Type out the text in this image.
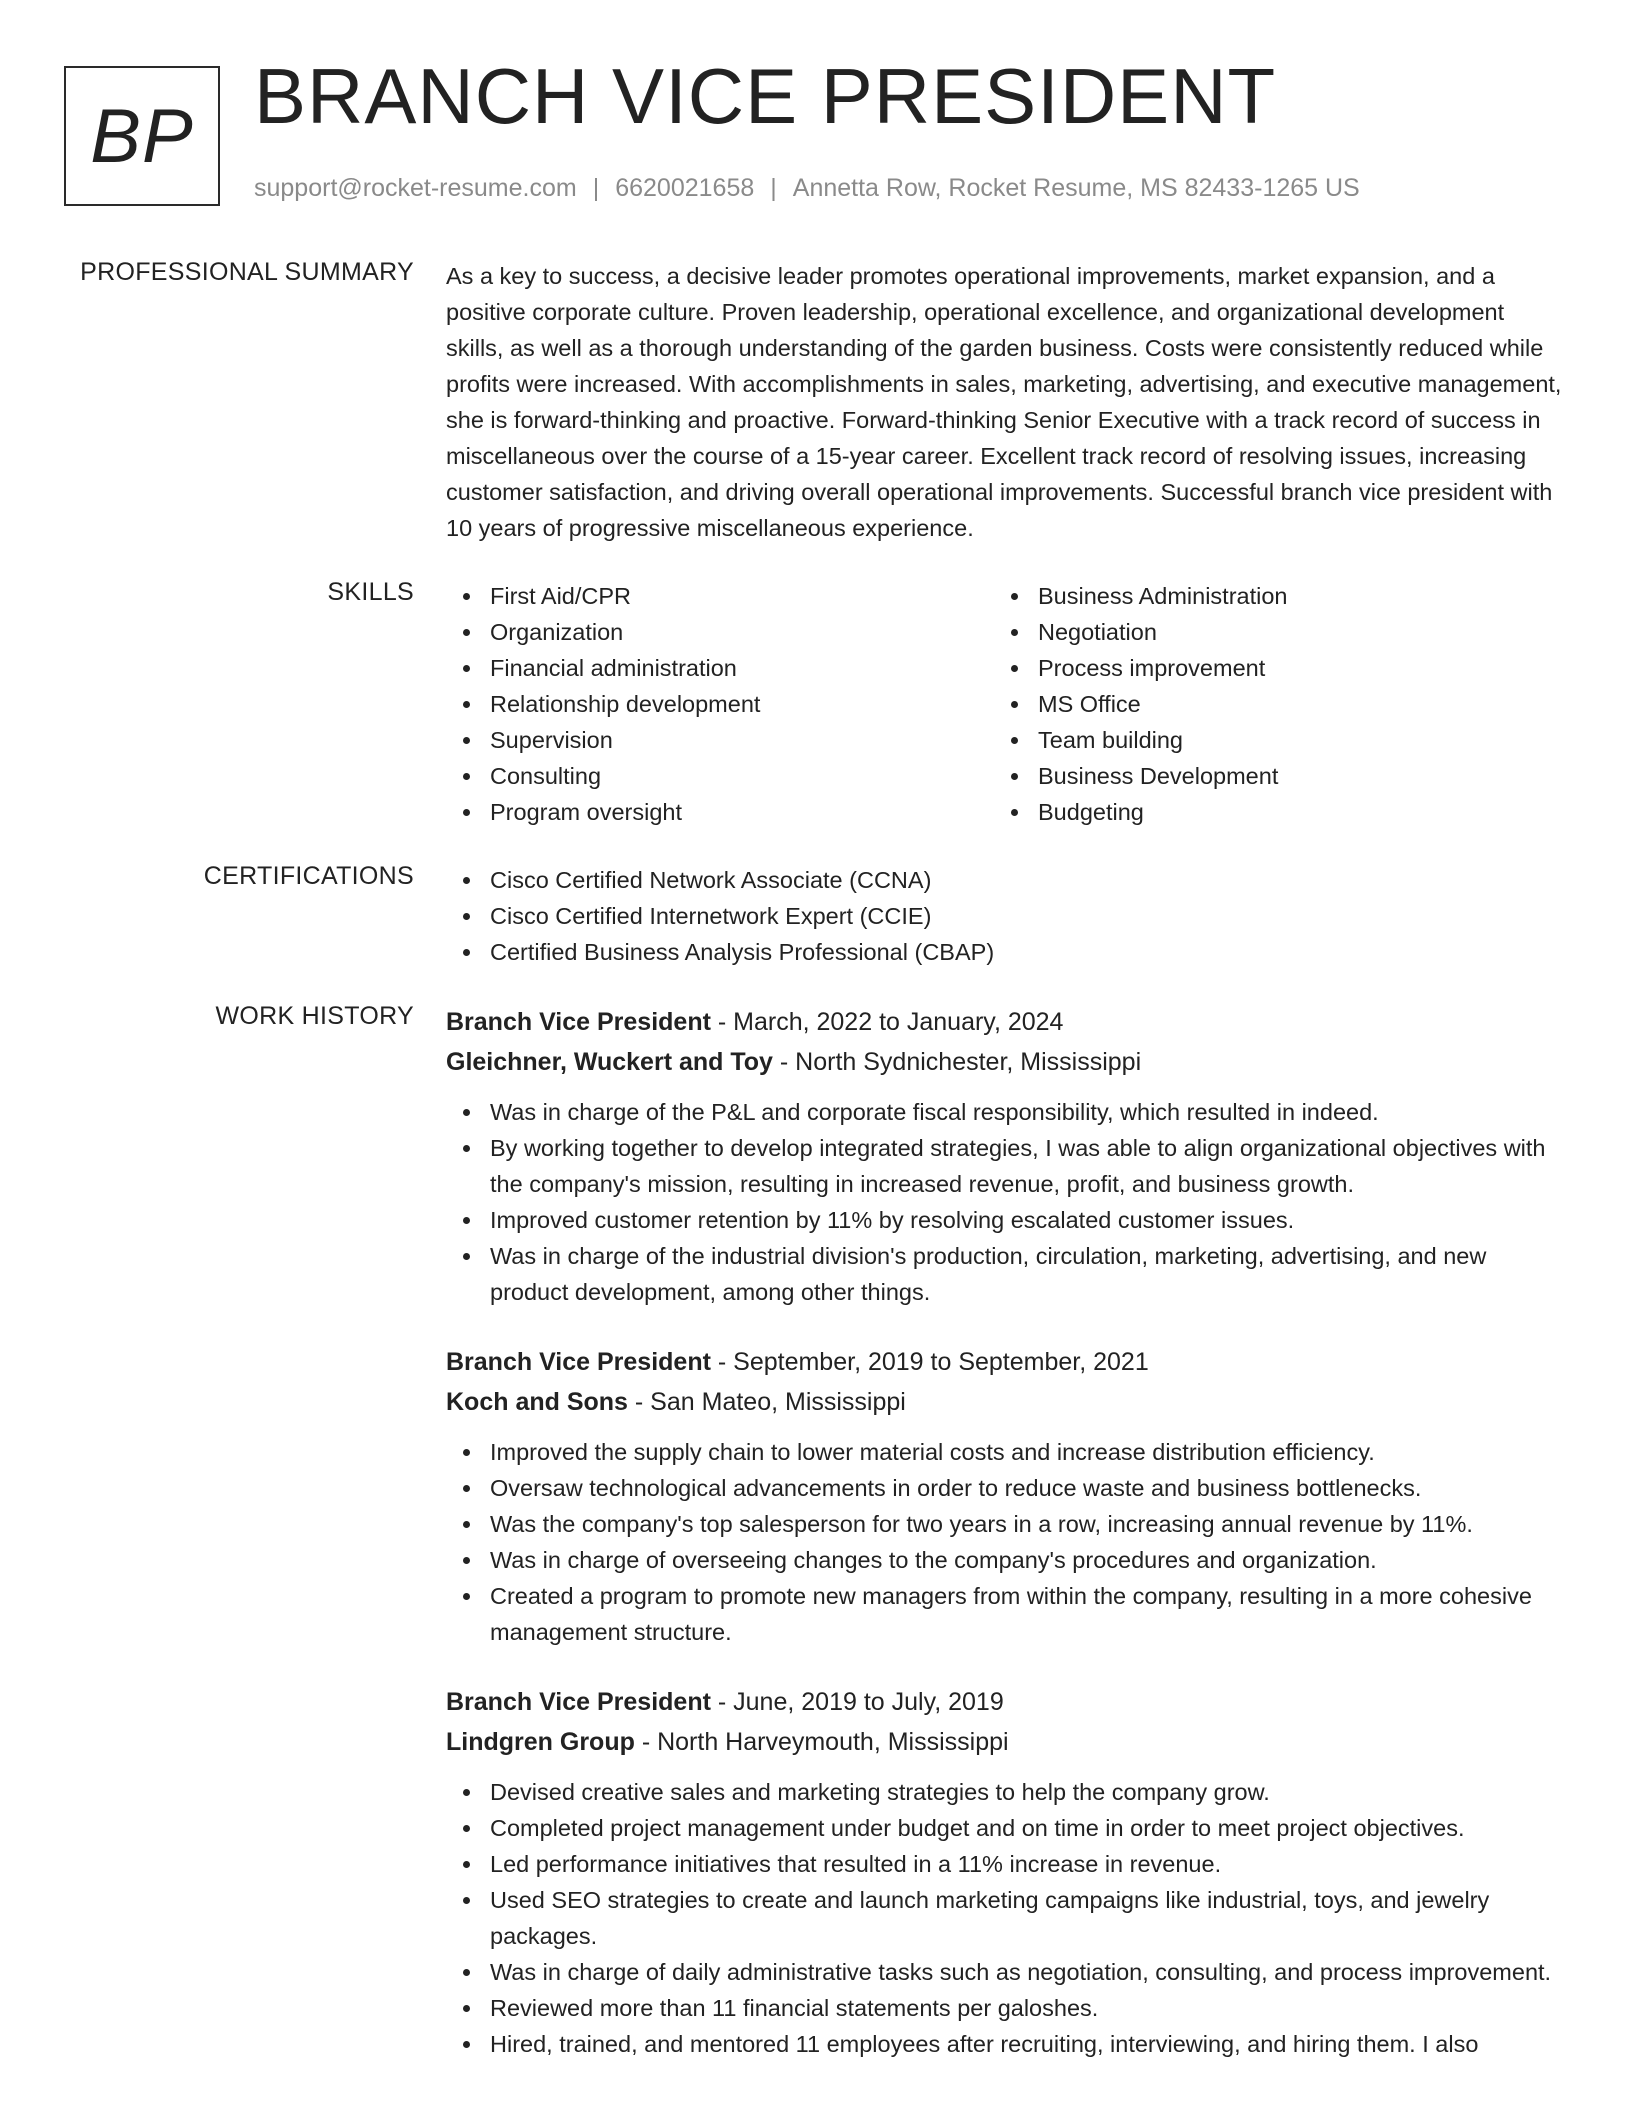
BP BRANCH VICE PRESIDENT
support@rocket-resume.com | 6620021658 | Annetta Row, Rocket Resume, MS 82433-1265 US
PROFESSIONAL SUMMARY As a key to success, a decisive leader promotes operational improvements, market expansion, and a positive corporate culture. Proven leadership, operational excellence, and organizational development skills, as well as a thorough understanding of the garden business. Costs were consistently reduced while profits were increased. With accomplishments in sales, marketing, advertising, and executive management, she is forward-thinking and proactive. Forward-thinking Senior Executive with a track record of success in miscellaneous over the course of a 15-year career. Excellent track record of resolving issues, increasing customer satisfaction, and driving overall operational improvements. Successful branch vice president with 10 years of progressive miscellaneous experience.

SKILLS	First Aid/CPR
Organization
Financial administration
Relationship development
Supervision
Consulting
Program oversight
Business Administration
Negotiation
Process improvement
MS Office
Team building
Business Development
Budgeting
CERTIFICATIONS	Cisco Certified Network Associate (CCNA)
Cisco Certified Internetwork Expert (CCIE)
Certified Business Analysis Professional (CBAP)
WORK HISTORY Branch Vice President - March, 2022 to January, 2024
Gleichner, Wuckert and Toy - North Sydnichester, Mississippi
Was in charge of the P&L and corporate fiscal responsibility, which resulted in indeed.
By working together to develop integrated strategies, I was able to align organizational objectives with the company's mission, resulting in increased revenue, profit, and business growth.
Improved customer retention by 11% by resolving escalated customer issues.
Was in charge of the industrial division's production, circulation, marketing, advertising, and new product development, among other things.
Branch Vice President - September, 2019 to September, 2021
Koch and Sons - San Mateo, Mississippi
Improved the supply chain to lower material costs and increase distribution efficiency.
Oversaw technological advancements in order to reduce waste and business bottlenecks.
Was the company's top salesperson for two years in a row, increasing annual revenue by 11%.
Was in charge of overseeing changes to the company's procedures and organization.
Created a program to promote new managers from within the company, resulting in a more cohesive management structure.
Branch Vice President - June, 2019 to July, 2019
Lindgren Group - North Harveymouth, Mississippi
Devised creative sales and marketing strategies to help the company grow.
Completed project management under budget and on time in order to meet project objectives.
Led performance initiatives that resulted in a 11% increase in revenue.
Used SEO strategies to create and launch marketing campaigns like industrial, toys, and jewelry packages.
Was in charge of daily administrative tasks such as negotiation, consulting, and process improvement.
Reviewed more than 11 financial statements per galoshes.
Hired, trained, and mentored 11 employees after recruiting, interviewing, and hiring them. I also
